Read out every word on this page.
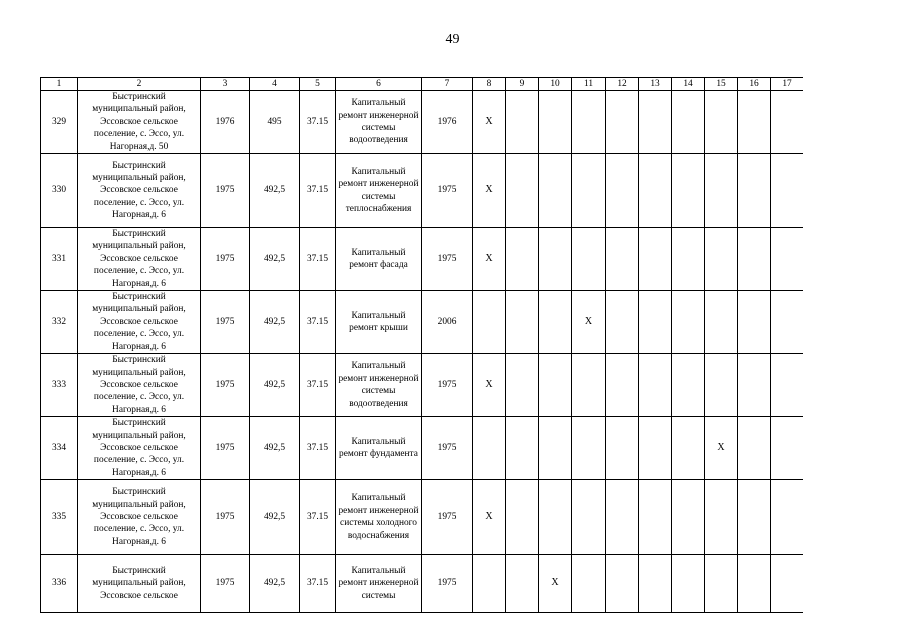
49
1	2	3	4	5	6	7	8	9	10	11	12	13	14	15	16	17
329	Быстринский муниципальный район, Эссовское сельское поселение, с. Эссо, ул. Нагорная,д. 50	1976	495	37.15	Капитальный ремонт инженерной системы водоотведения	1976	X									
330	Быстринский муниципальный район, Эссовское сельское поселение, с. Эссо, ул. Нагорная,д. 6	1975	492,5	37.15	Капитальный ремонт инженерной системы теплоснабжения	1975	X									
331	Быстринский муниципальный район, Эссовское сельское поселение, с. Эссо, ул. Нагорная,д. 6	1975	492,5	37.15	Капитальный ремонт фасада	1975	X									
332	Быстринский муниципальный район, Эссовское сельское поселение, с. Эссо, ул. Нагорная,д. 6	1975	492,5	37.15	Капитальный ремонт крыши	2006				X						
333	Быстринский муниципальный район, Эссовское сельское поселение, с. Эссо, ул. Нагорная,д. 6	1975	492,5	37.15	Капитальный ремонт инженерной системы водоотведения	1975	X									
334	Быстринский муниципальный район, Эссовское сельское поселение, с. Эссо, ул. Нагорная,д. 6	1975	492,5	37.15	Капитальный ремонт фундамента	1975								X		
335	Быстринский муниципальный район, Эссовское сельское поселение, с. Эссо, ул. Нагорная,д. 6	1975	492,5	37.15	Капитальный ремонт инженерной системы холодного водоснабжения	1975	X									
336	Быстринский муниципальный район, Эссовское сельское	1975	492,5	37.15	Капитальный ремонт инженерной системы	1975			X							
